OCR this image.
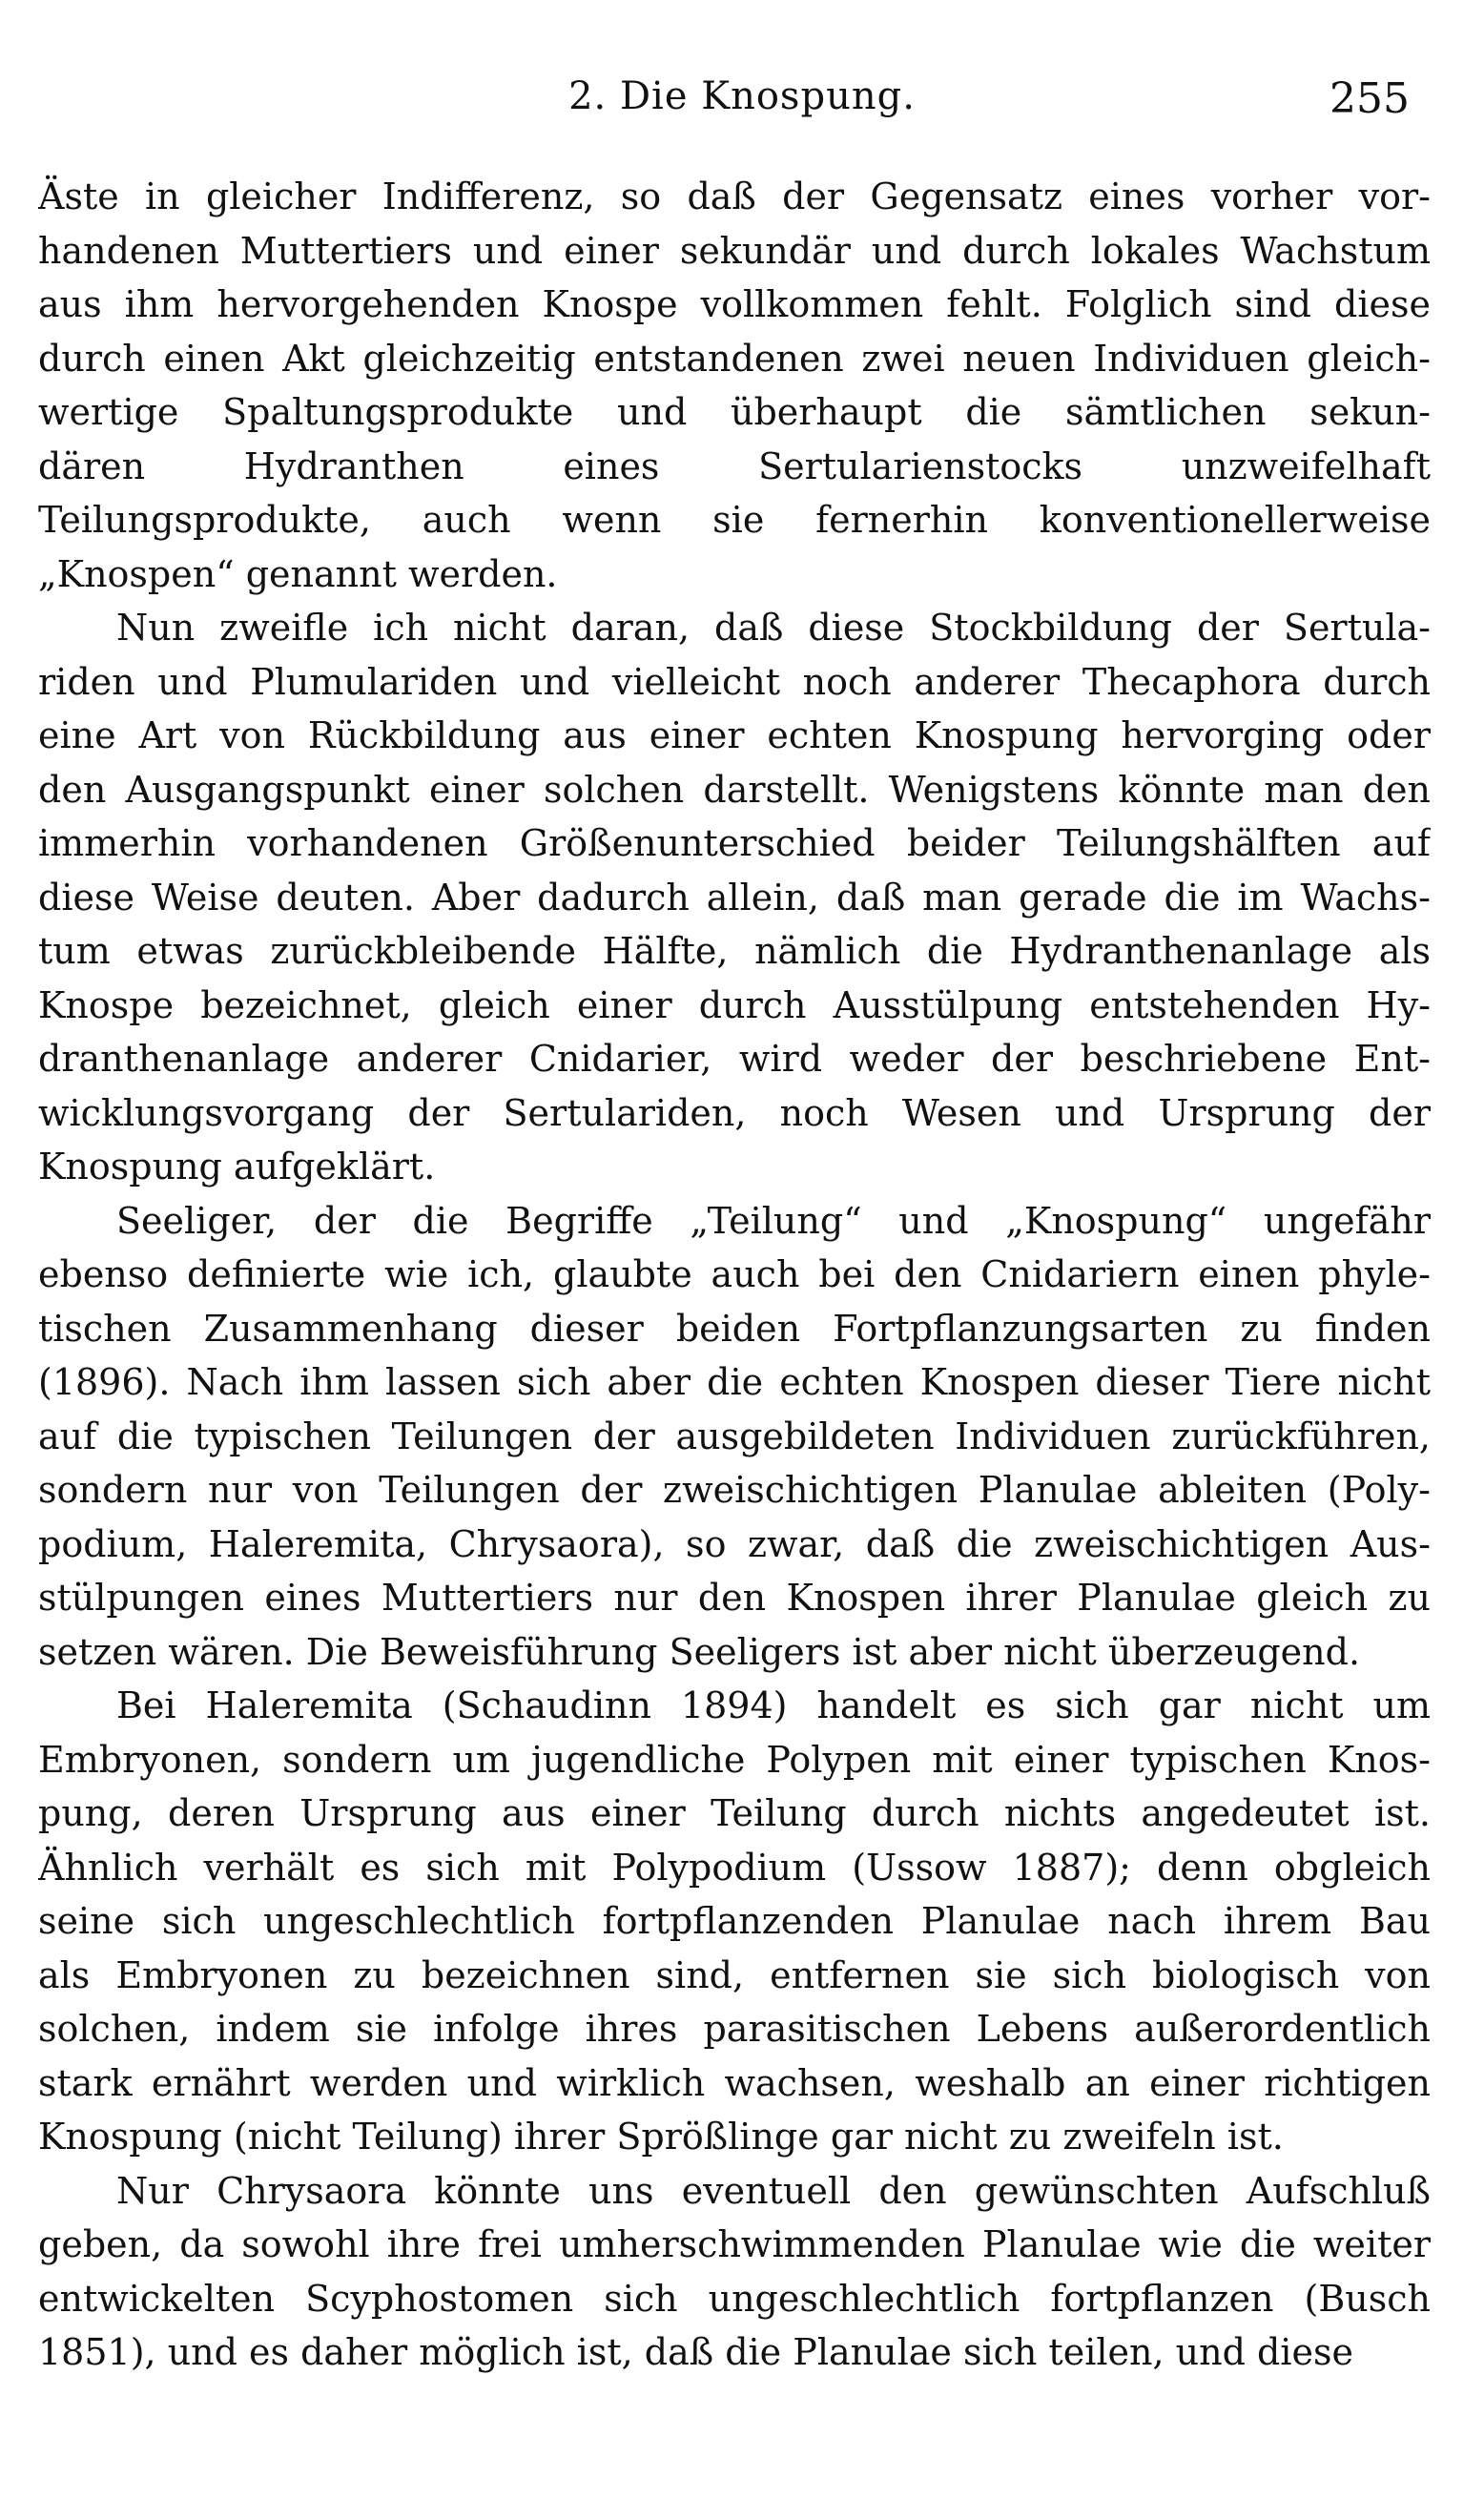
2. Die Knospung.	255

Äste in gleicher Indifferenz, so daß der Gegensatz eines vorher vor-
handenen Muttertiers und einer sekundär und durch lokales Wachstum
aus ihm hervorgehenden Knospe vollkommen fehlt. Folglich sind diese
durch einen Akt gleichzeitig entstandenen zwei neuen Individuen gleich-
wertige Spaltungsprodukte und überhaupt die sämtlichen sekun-
dären Hydranthen eines Sertularienstocks unzweifelhaft
Teilungsprodukte, auch wenn sie fernerhin konventionellerweise
„Knospen“ genannt werden.

Nun zweifle ich nicht daran, daß diese Stockbildung der Sertula-
riden und Plumulariden und vielleicht noch anderer Thecaphora durch
eine Art von Rückbildung aus einer echten Knospung hervorging oder
den Ausgangspunkt einer solchen darstellt. Wenigstens könnte man den
immerhin vorhandenen Größenunterschied beider Teilungshälften auf
diese Weise deuten. Aber dadurch allein, daß man gerade die im Wachs-
tum etwas zurückbleibende Hälfte, nämlich die Hydranthenanlage als
Knospe bezeichnet, gleich einer durch Ausstülpung entstehenden Hy-
dranthenanlage anderer Cnidarier, wird weder der beschriebene Ent-
wicklungsvorgang der Sertulariden, noch Wesen und Ursprung der
Knospung aufgeklärt.

Seeliger, der die Begriffe „Teilung“ und „Knospung“ ungefähr
ebenso definierte wie ich, glaubte auch bei den Cnidariern einen phyle-
tischen Zusammenhang dieser beiden Fortpflanzungsarten zu finden
(1896). Nach ihm lassen sich aber die echten Knospen dieser Tiere nicht
auf die typischen Teilungen der ausgebildeten Individuen zurückführen,
sondern nur von Teilungen der zweischichtigen Planulae ableiten (Poly-
podium, Haleremita, Chrysaora), so zwar, daß die zweischichtigen Aus-
stülpungen eines Muttertiers nur den Knospen ihrer Planulae gleich zu
setzen wären. Die Beweisführung Seeligers ist aber nicht überzeugend.

Bei Haleremita (Schaudinn 1894) handelt es sich gar nicht um
Embryonen, sondern um jugendliche Polypen mit einer typischen Knos-
pung, deren Ursprung aus einer Teilung durch nichts angedeutet ist.
Ähnlich verhält es sich mit Polypodium (Ussow 1887); denn obgleich
seine sich ungeschlechtlich fortpflanzenden Planulae nach ihrem Bau
als Embryonen zu bezeichnen sind, entfernen sie sich biologisch von
solchen, indem sie infolge ihres parasitischen Lebens außerordentlich
stark ernährt werden und wirklich wachsen, weshalb an einer richtigen
Knospung (nicht Teilung) ihrer Sprößlinge gar nicht zu zweifeln ist.

Nur Chrysaora könnte uns eventuell den gewünschten Aufschluß
geben, da sowohl ihre frei umherschwimmenden Planulae wie die weiter
entwickelten Scyphostomen sich ungeschlechtlich fortpflanzen (Busch
1851), und es daher möglich ist, daß die Planulae sich teilen, und diese
